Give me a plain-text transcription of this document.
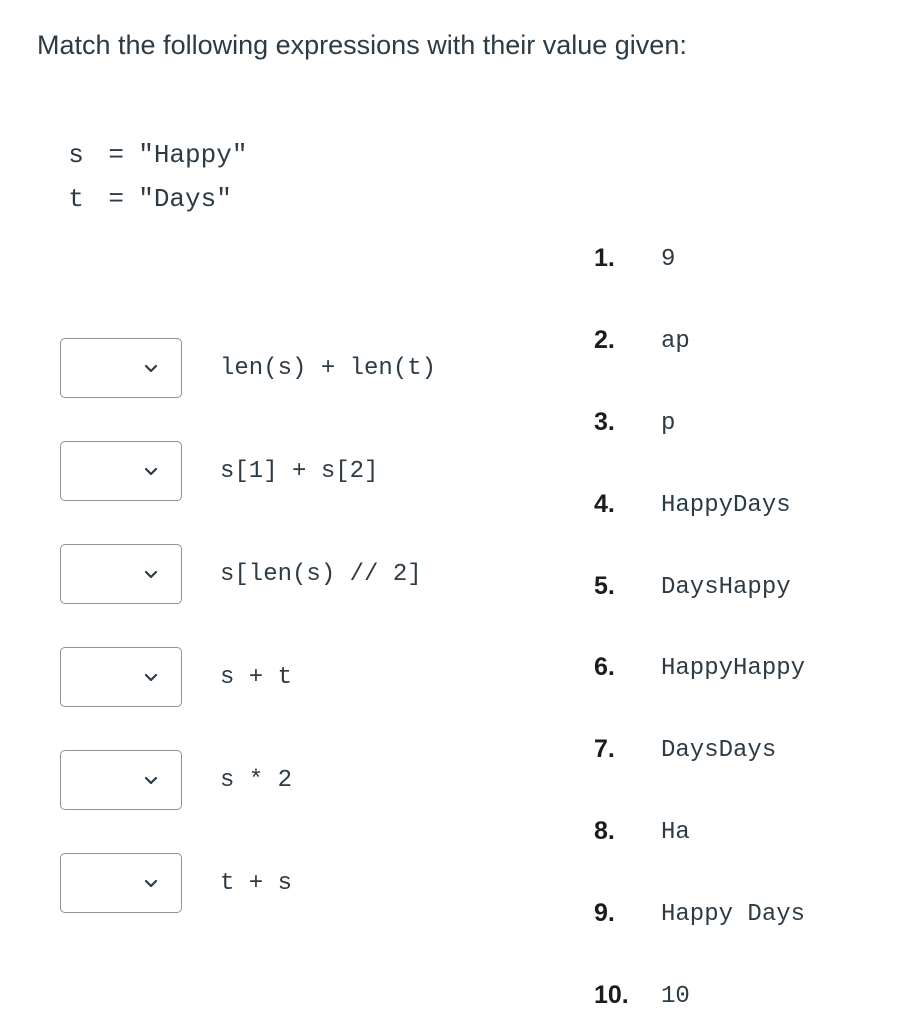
Match the following expressions with their value given:

s = "Happy"

t = "Days"

len(s) + len(t)
s[1] + s[2]
s[len(s) // 2]
s + t
s * 2
t + s
1. 9
2. ap
3. p
4. HappyDays
5. DaysHappy
6. HappyHappy
7. DaysDays
8. Ha
9. Happy Days
10. 10
